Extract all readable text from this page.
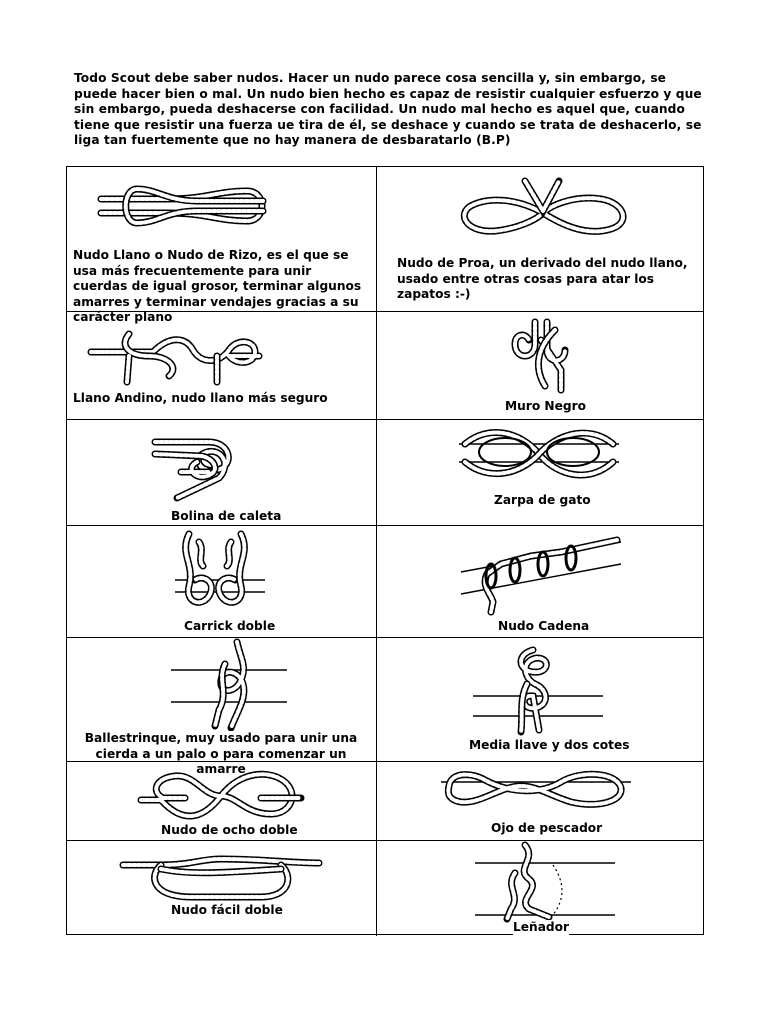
Todo Scout debe saber nudos. Hacer un nudo parece cosa sencilla y, sin embargo, se puede hacer bien o mal. Un nudo bien hecho es capaz de resistir cualquier esfuerzo y que sin embargo, pueda deshacerse con facilidad. Un nudo mal hecho es aquel que, cuando tiene que resistir una fuerza ue tira de él, se deshace y cuando se trata de deshacerlo, se liga tan fuertemente que no hay manera de desbaratarlo (B.P)
Nudo Llano o Nudo de Rizo, es el que se usa más frecuentemente para unir cuerdas de igual grosor, terminar algunos amarres y terminar vendajes gracias a su carácter plano
Nudo de Proa, un derivado del nudo llano, usado entre otras cosas para atar los zapatos :-)
Llano Andino, nudo llano más seguro
Muro Negro
Bolina de caleta
Zarpa de gato
Carrick doble	Nudo Cadena
Ballestrinque, muy usado para unir una cierda a un palo o para comenzar un amarre
Media llave y dos cotes
Nudo de ocho doble	Ojo de pescador
Nudo fácil doble
Leñador
